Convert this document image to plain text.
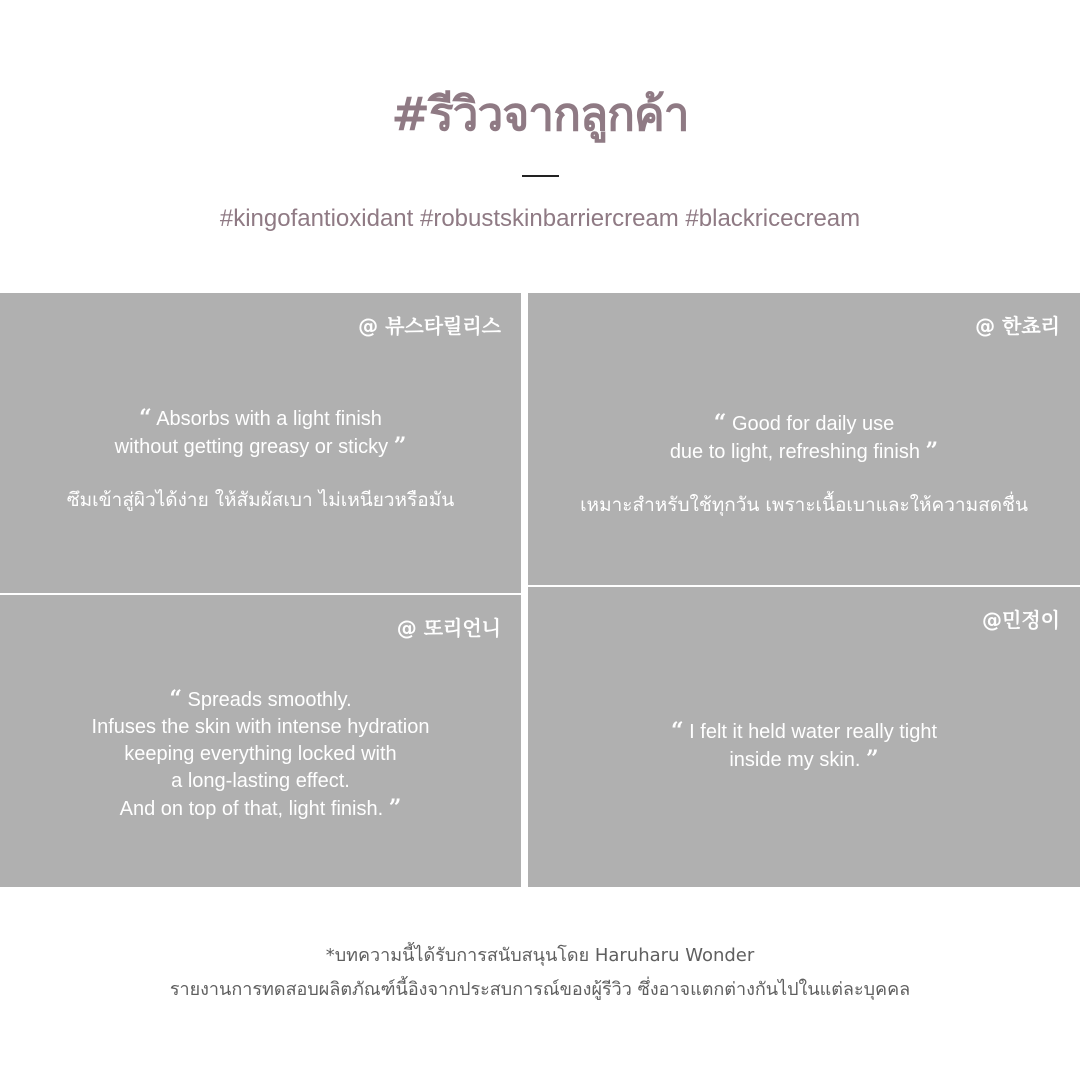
#รีวิวจากลูกค้า
#kingofantioxidant #robustskinbarriercream #blackricecream
@ 뷰스타릴리스
“ Absorbs with a light finish
without getting greasy or sticky ”
ซึมเข้าสู่ผิวได้ง่าย ให้สัมผัสเบา ไม่เหนียวหรือมัน
@ 한쵸리
“ Good for daily use
due to light, refreshing finish ”
เหมาะสำหรับใช้ทุกวัน เพราะเนื้อเบาและให้ความสดชื่น
@ 또리언니
“ Spreads smoothly.
Infuses the skin with intense hydration
keeping everything locked with
a long-lasting effect.
And on top of that, light finish. ”
@민정이
“ I felt it held water really tight
inside my skin. ”
*บทความนี้ได้รับการสนับสนุนโดย Haruharu Wonder
รายงานการทดสอบผลิตภัณฑ์นี้อิงจากประสบการณ์ของผู้รีวิว ซึ่งอาจแตกต่างกันไปในแต่ละบุคคล
